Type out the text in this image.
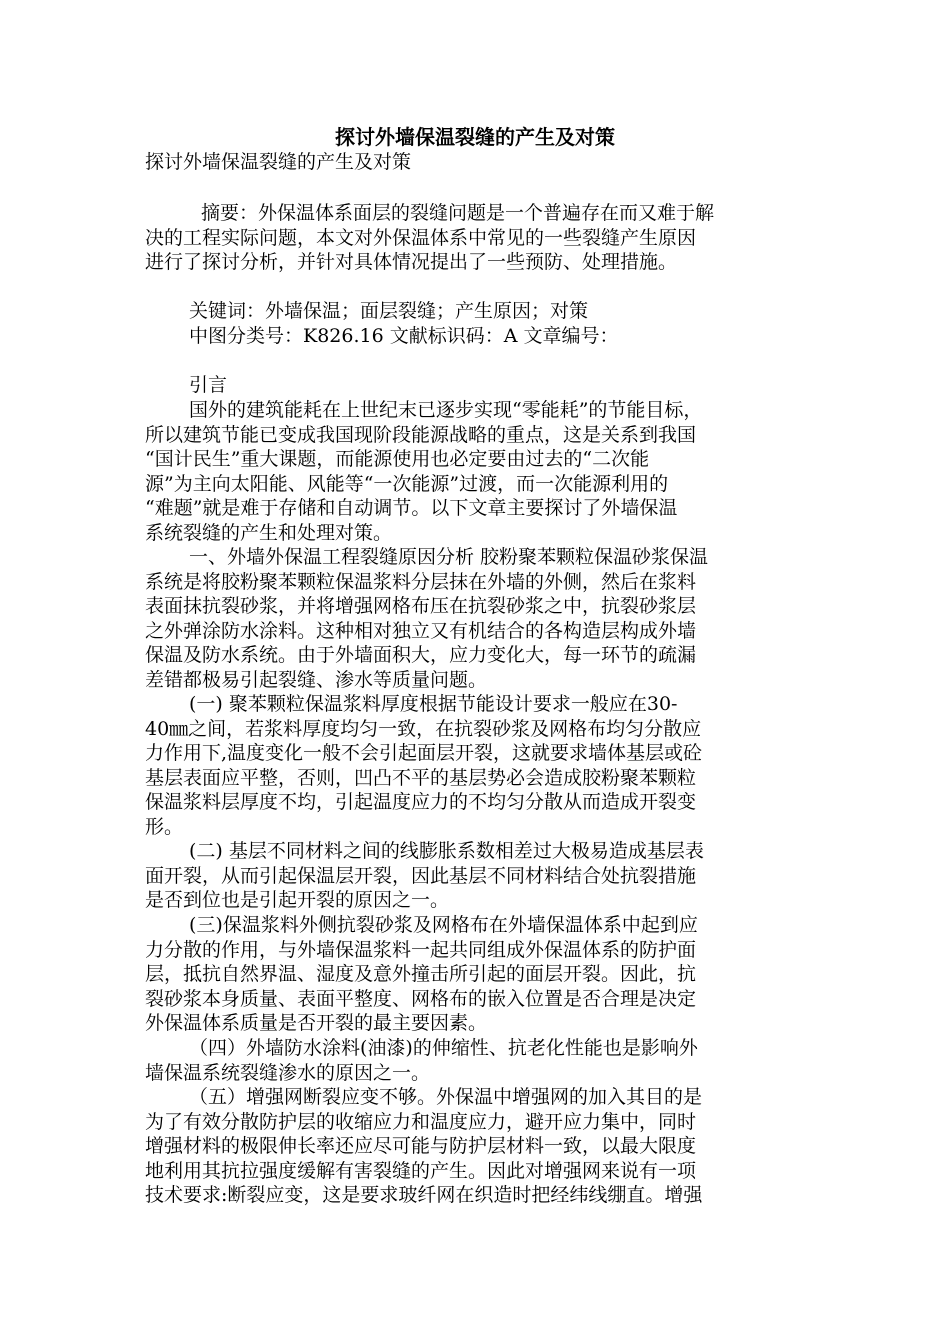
探讨外墙保温裂缝的产生及对策

探讨外墙保温裂缝的产生及对策

摘要：外保温体系面层的裂缝问题是一个普遍存在而又难于解
决的工程实际问题，本文对外保温体系中常见的一些裂缝产生原因
进行了探讨分析，并针对具体情况提出了一些预防、处理措施。

关键词：外墙保温；面层裂缝；产生原因；对策
中图分类号：K826.16 文献标识码：A 文章编号：

引言

国外的建筑能耗在上世纪末已逐步实现“零能耗”的节能目标，
所以建筑节能已变成我国现阶段能源战略的重点，这是关系到我国
“国计民生”重大课题，而能源使用也必定要由过去的“二次能
源”为主向太阳能、风能等“一次能源”过渡，而一次能源利用的
“难题”就是难于存储和自动调节。以下文章主要探讨了外墙保温
系统裂缝的产生和处理对策。

一、外墙外保温工程裂缝原因分析 胶粉聚苯颗粒保温砂浆保温
系统是将胶粉聚苯颗粒保温浆料分层抹在外墙的外侧，然后在浆料
表面抹抗裂砂浆，并将增强网格布压在抗裂砂浆之中，抗裂砂浆层
之外弹涂防水涂料。这种相对独立又有机结合的各构造层构成外墙
保温及防水系统。由于外墙面积大，应力变化大，每一环节的疏漏
差错都极易引起裂缝、渗水等质量问题。

(一) 聚苯颗粒保温浆料厚度根据节能设计要求一般应在30-
40㎜之间，若浆料厚度均匀一致，在抗裂砂浆及网格布均匀分散应
力作用下,温度变化一般不会引起面层开裂，这就要求墙体基层或砼
基层表面应平整，否则，凹凸不平的基层势必会造成胶粉聚苯颗粒
保温浆料层厚度不均，引起温度应力的不均匀分散从而造成开裂变
形。

(二) 基层不同材料之间的线膨胀系数相差过大极易造成基层表
面开裂，从而引起保温层开裂，因此基层不同材料结合处抗裂措施
是否到位也是引起开裂的原因之一。

(三)保温浆料外侧抗裂砂浆及网格布在外墙保温体系中起到应
力分散的作用，与外墙保温浆料一起共同组成外保温体系的防护面
层，抵抗自然界温、湿度及意外撞击所引起的面层开裂。因此，抗
裂砂浆本身质量、表面平整度、网格布的嵌入位置是否合理是决定
外保温体系质量是否开裂的最主要因素。

（四）外墙防水涂料(油漆)的伸缩性、抗老化性能也是影响外
墙保温系统裂缝渗水的原因之一。

（五）增强网断裂应变不够。外保温中增强网的加入其目的是
为了有效分散防护层的收缩应力和温度应力，避开应力集中，同时
增强材料的极限伸长率还应尽可能与防护层材料一致，以最大限度
地利用其抗拉强度缓解有害裂缝的产生。因此对增强网来说有一项
技术要求:断裂应变，这是要求玻纤网在织造时把经纬线绷直。增强
